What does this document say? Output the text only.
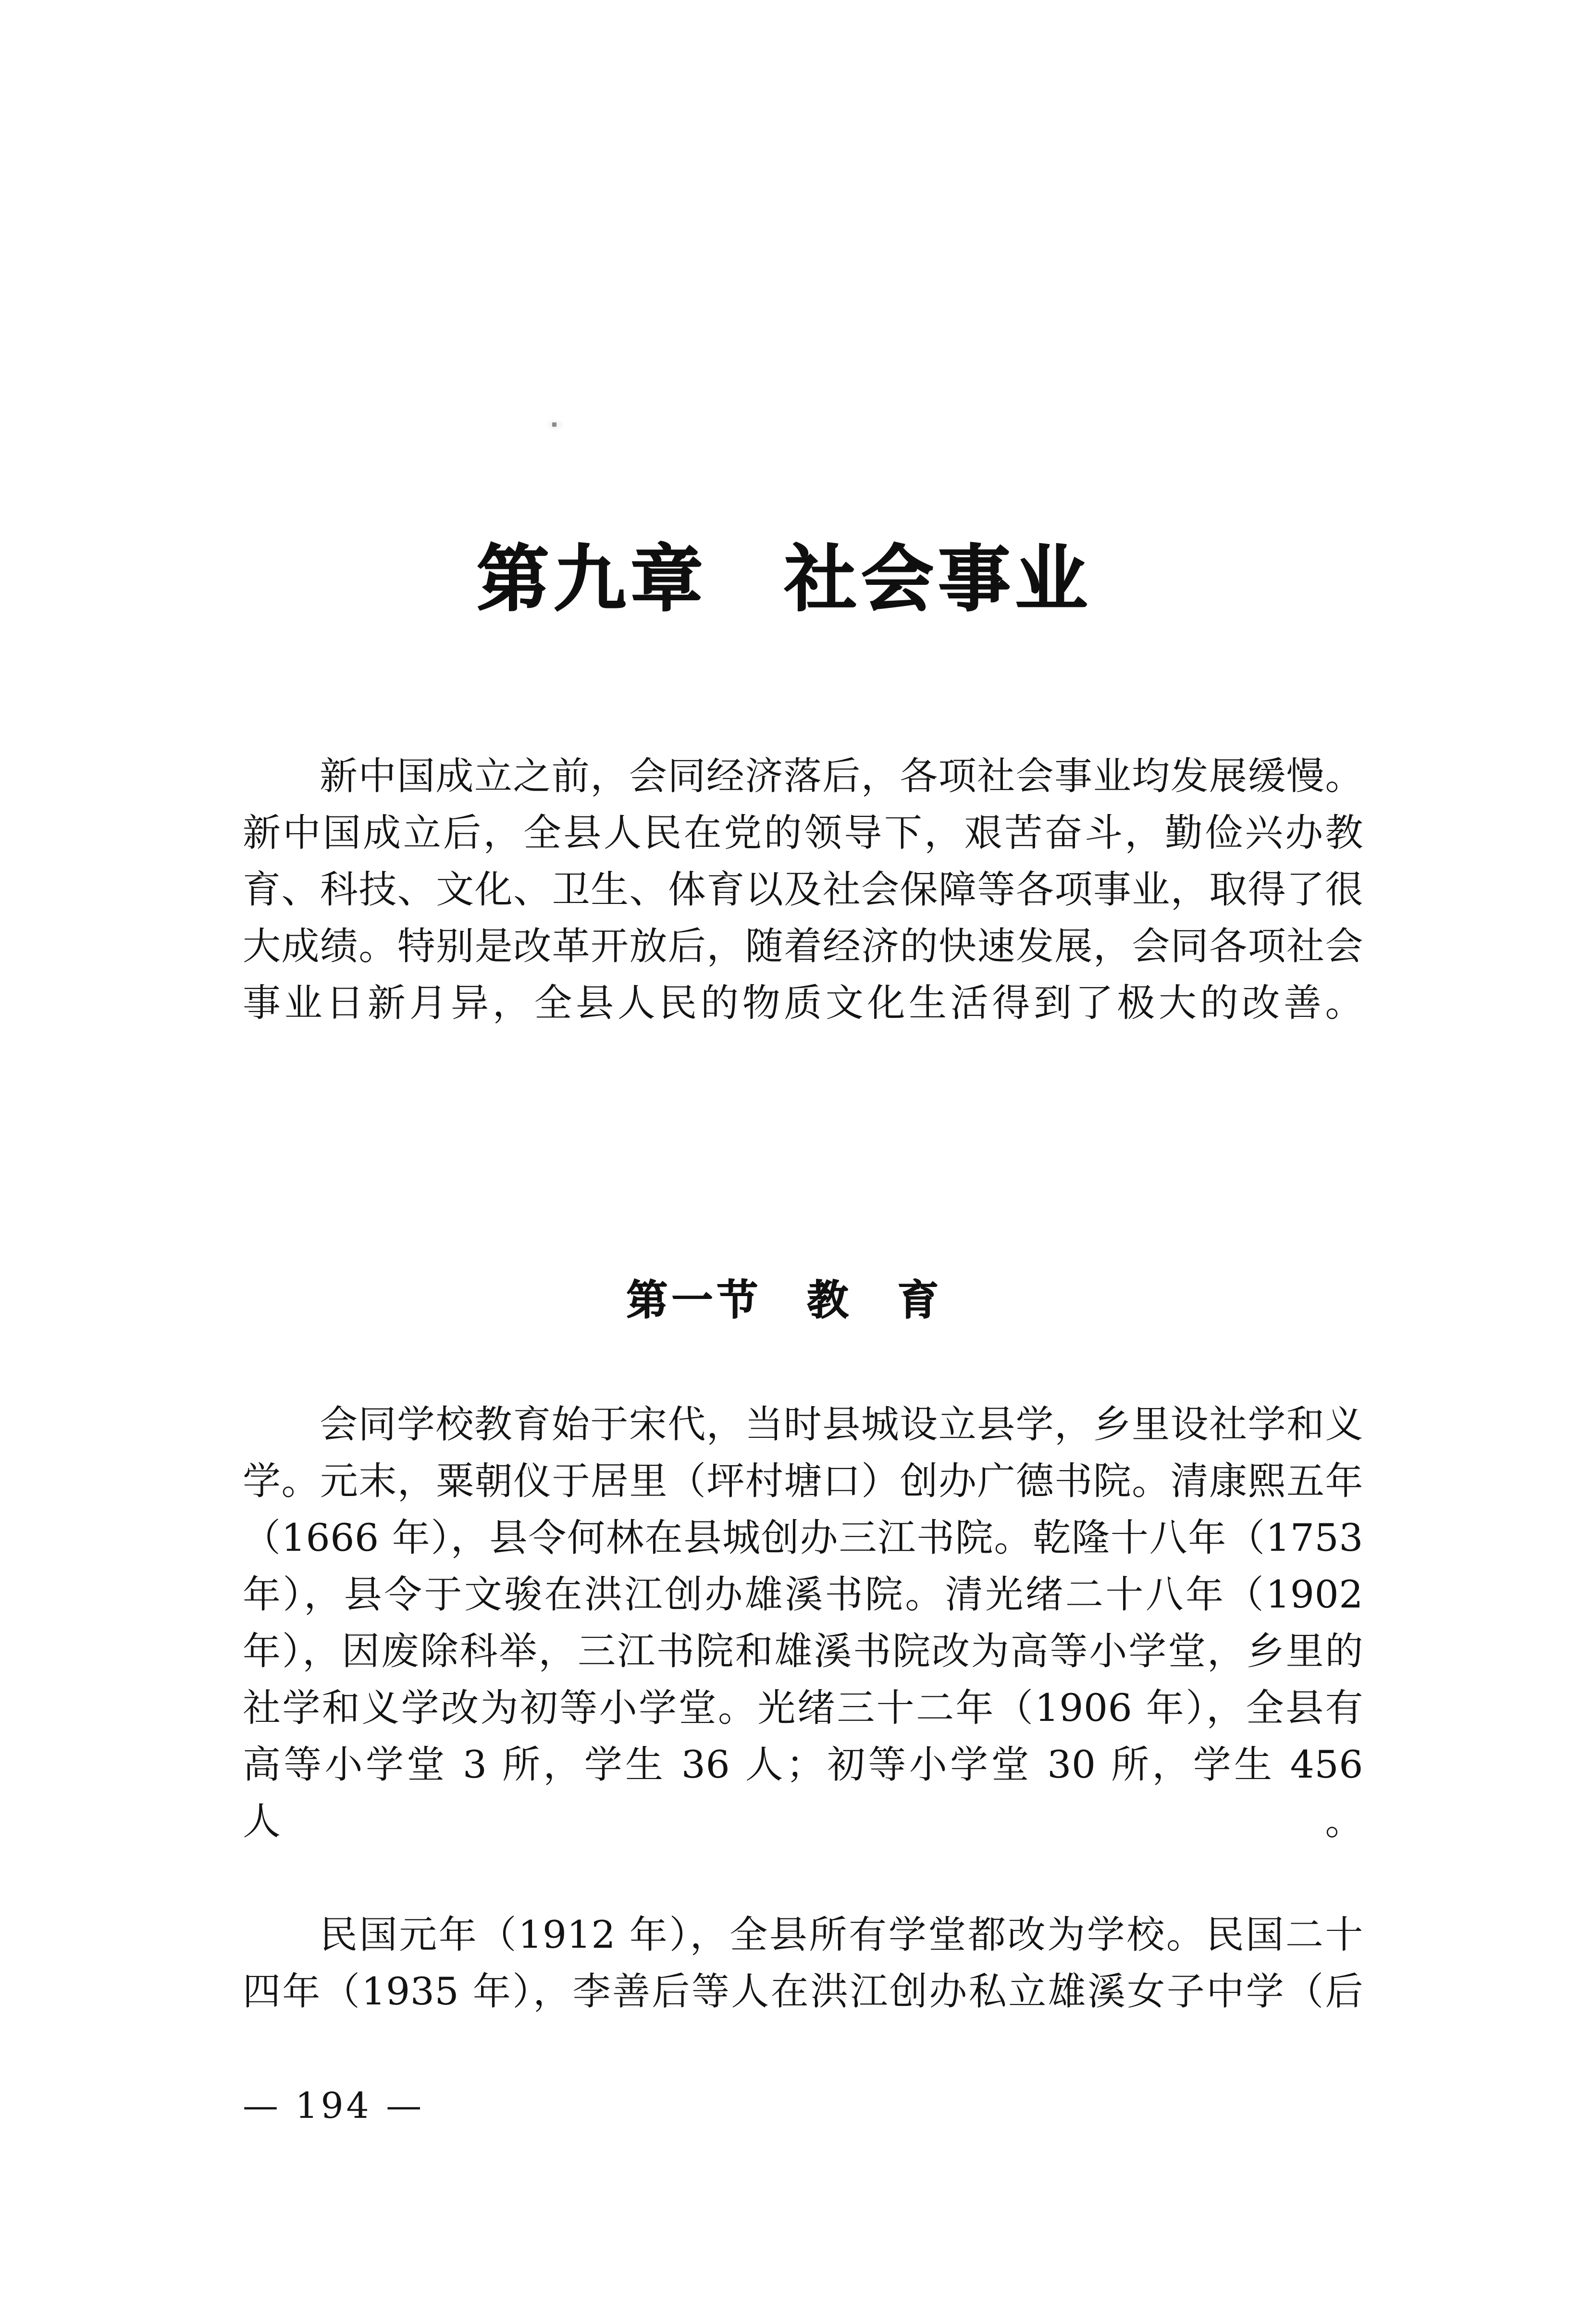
第九章　社会事业

新中国成立之前，会同经济落后，各项社会事业均发展缓慢。新中国成立后，全县人民在党的领导下，艰苦奋斗，勤俭兴办教育、科技、文化、卫生、体育以及社会保障等各项事业，取得了很大成绩。特别是改革开放后，随着经济的快速发展，会同各项社会事业日新月异，全县人民的物质文化生活得到了极大的改善。

第一节　教　育

会同学校教育始于宋代，当时县城设立县学，乡里设社学和义学。元末，粟朝仪于居里（坪村塘口）创办广德书院。清康熙五年（1666 年），县令何林在县城创办三江书院。乾隆十八年（1753 年），县令于文骏在洪江创办雄溪书院。清光绪二十八年（1902 年），因废除科举，三江书院和雄溪书院改为高等小学堂，乡里的社学和义学改为初等小学堂。光绪三十二年（1906 年），全县有高等小学堂 3 所，学生 36 人；初等小学堂 30 所，学生 456 人。

民国元年（1912 年），全县所有学堂都改为学校。民国二十四年（1935 年），李善后等人在洪江创办私立雄溪女子中学（后

— 194 —
